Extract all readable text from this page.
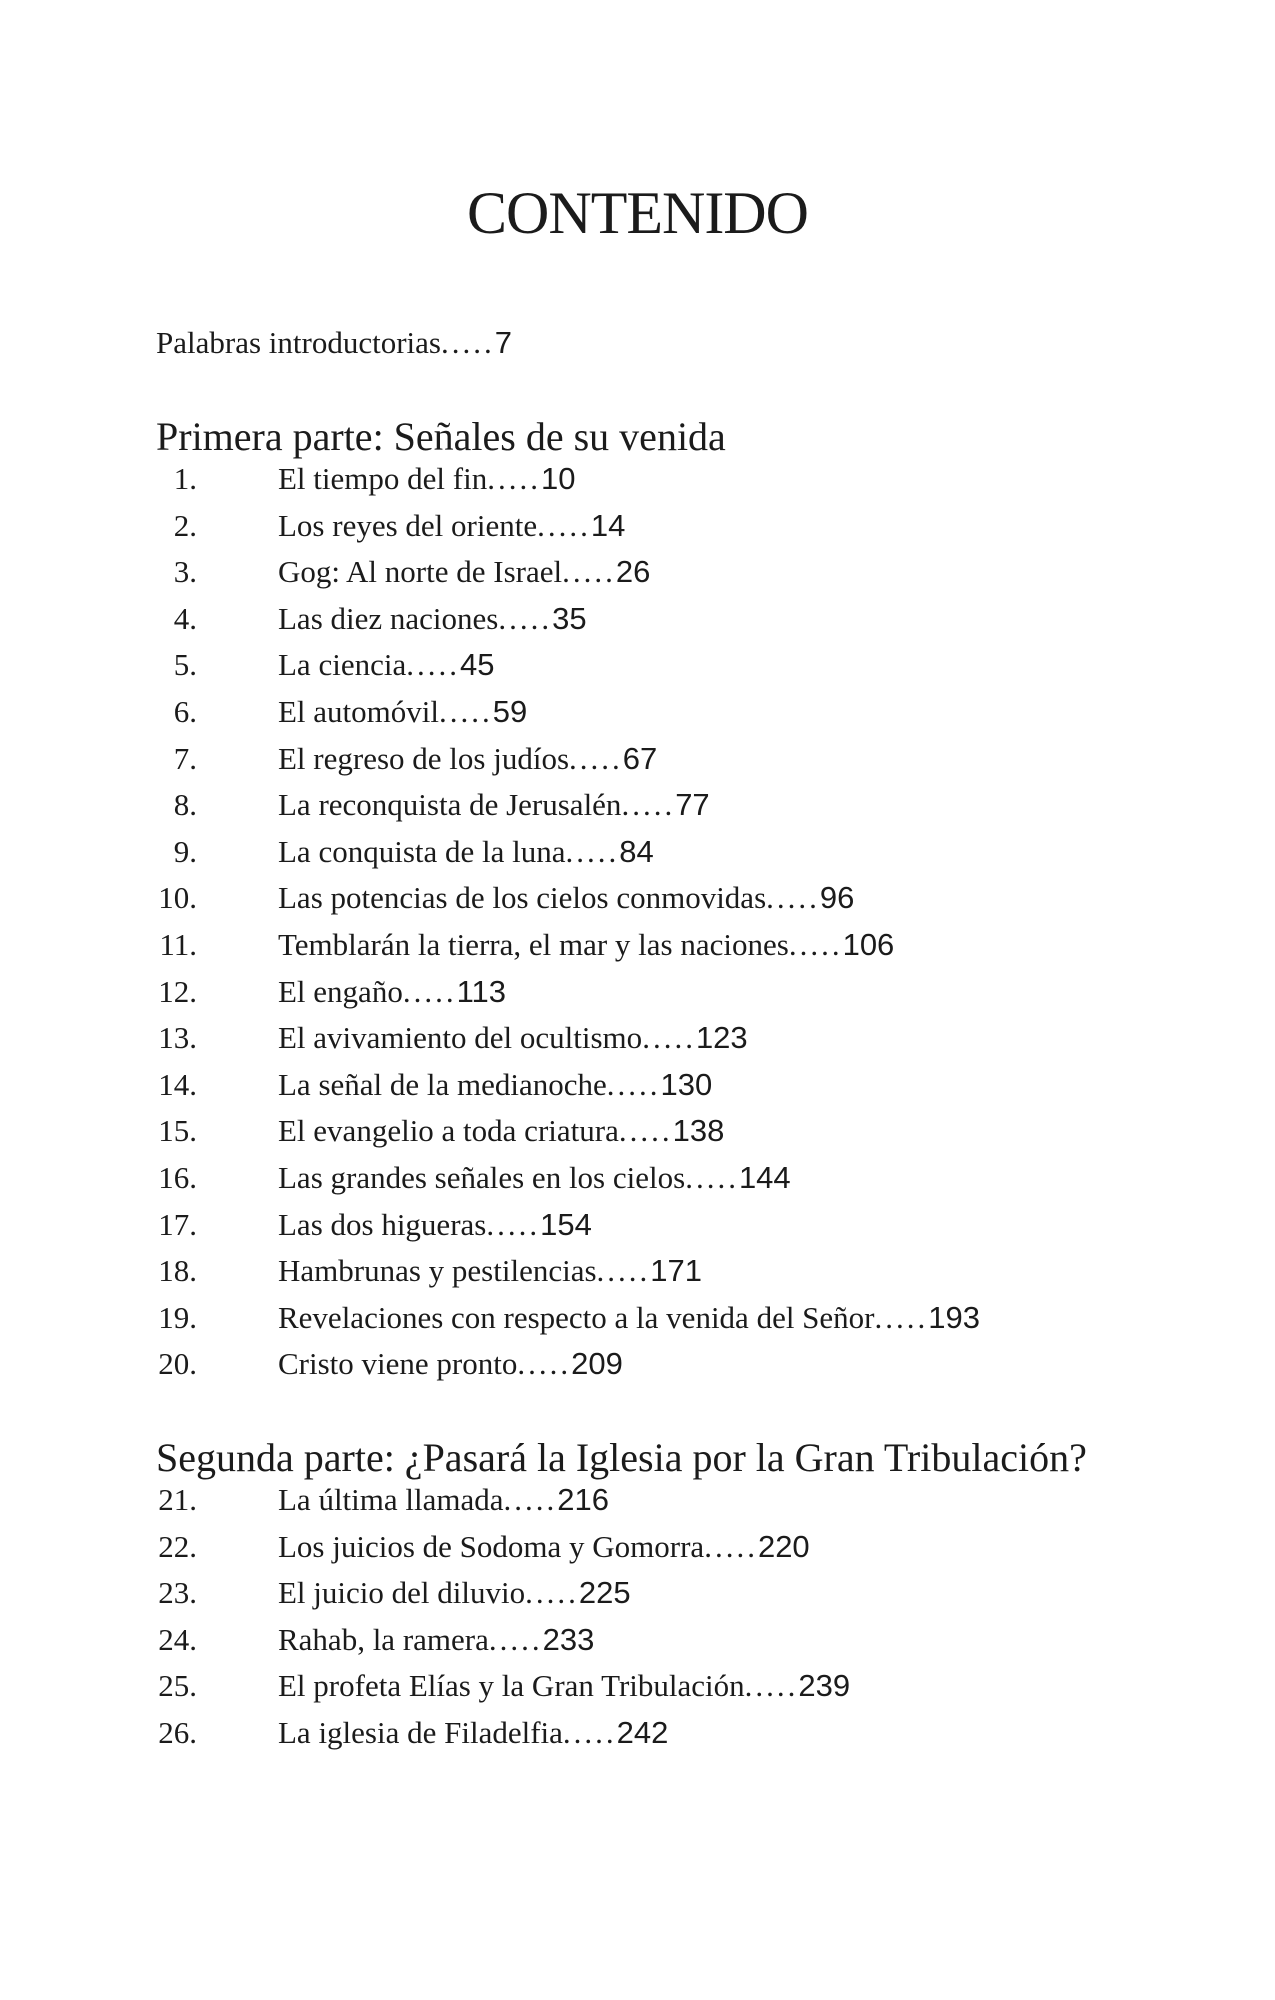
CONTENIDO
Palabras introductorias.....7
Primera parte: Señales de su venida
1.	El tiempo del fin.....10
2.	Los reyes del oriente.....14
3.	Gog: Al norte de Israel.....26
4.	Las diez naciones.....35
5.	La ciencia.....45
6.	El automóvil.....59
7.	El regreso de los judíos.....67
8.	La reconquista de Jerusalén.....77
9.	La conquista de la luna.....84
10.	Las potencias de los cielos conmovidas.....96
11.	Temblarán la tierra, el mar y las naciones.....106
12.	El engaño.....113
13.	El avivamiento del ocultismo.....123
14.	La señal de la medianoche.....130
15.	El evangelio a toda criatura.....138
16.	Las grandes señales en los cielos.....144
17.	Las dos higueras.....154
18.	Hambrunas y pestilencias.....171
19.	Revelaciones con respecto a la venida del Señor.....193
20.	Cristo viene pronto.....209
Segunda parte: ¿Pasará la Iglesia por la Gran Tribulación?
21.	La última llamada.....216
22.	Los juicios de Sodoma y Gomorra.....220
23.	El juicio del diluvio.....225
24.	Rahab, la ramera.....233
25.	El profeta Elías y la Gran Tribulación.....239
26.	La iglesia de Filadelfia.....242
